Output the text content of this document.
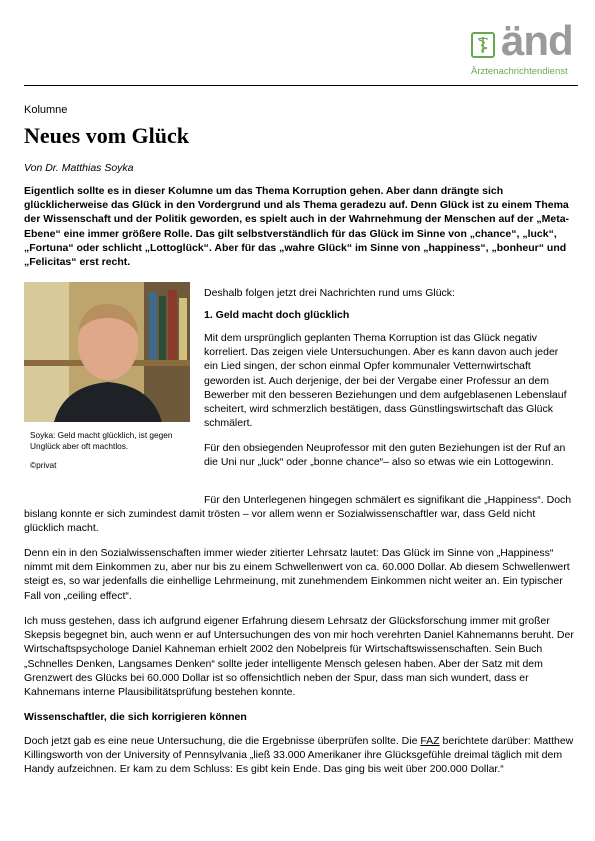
änd
Ärztenachrichtendienst
Kolumne
Neues vom Glück
Von Dr. Matthias Soyka

Eigentlich sollte es in dieser Kolumne um das Thema Korruption gehen. Aber dann drängte sich glücklicherweise das Glück in den Vordergrund und als Thema geradezu auf. Denn Glück ist zu einem Thema der Wissenschaft und der Politik geworden, es spielt auch in der Wahrnehmung der Menschen auf der „Meta-Ebene“ eine immer größere Rolle. Das gilt selbstverständlich für das Glück im Sinne von „chance“, „luck“, „Fortuna“ oder schlicht „Lottoglück“. Aber für das „wahre Glück“ im Sinne von „happiness“, „bonheur“ und „Felicitas“ erst recht.

Soyka: Geld macht glücklich, ist gegen Unglück aber oft machtlos.
©privat

Deshalb folgen jetzt drei Nachrichten rund ums Glück:

1. Geld macht doch glücklich

Mit dem ursprünglich geplanten Thema Korruption ist das Glück negativ korreliert. Das zeigen viele Untersuchungen. Aber es kann davon auch jeder ein Lied singen, der schon einmal Opfer kommunaler Vetternwirtschaft geworden ist. Auch derjenige, der bei der Vergabe einer Professur an dem Bewerber mit den besseren Beziehungen und dem aufgeblasenen Lebenslauf scheitert, wird schmerzlich bestätigen, dass Günstlingswirtschaft das Glück schmälert.

Für den obsiegenden Neuprofessor mit den guten Beziehungen ist der Ruf an die Uni nur „luck“ oder „bonne chance“– also so etwas wie ein Lottogewinn.

Für den Unterlegenen hingegen schmälert es signifikant die „Happiness“. Doch bislang konnte er sich zumindest damit trösten – vor allem wenn er Sozialwissenschaftler war, dass Geld nicht glücklich macht.

Denn ein in den Sozialwissenschaften immer wieder zitierter Lehrsatz lautet: Das Glück im Sinne von „Happiness“ nimmt mit dem Einkommen zu, aber nur bis zu einem Schwellenwert von ca. 60.000 Dollar. Ab diesem Schwellenwert steigt es, so war jedenfalls die einhellige Lehrmeinung, mit zunehmendem Einkommen nicht weiter an. Ein typischer Fall von „ceiling effect“.

Ich muss gestehen, dass ich aufgrund eigener Erfahrung diesem Lehrsatz der Glücksforschung immer mit großer Skepsis begegnet bin, auch wenn er auf Untersuchungen des von mir hoch verehrten Daniel Kahnemanns beruht. Der Wirtschaftspsychologe Daniel Kahneman erhielt 2002 den Nobelpreis für Wirtschaftswissenschaften. Sein Buch „Schnelles Denken, Langsames Denken“ sollte jeder intelligente Mensch gelesen haben. Aber der Satz mit dem Grenzwert des Glücks bei 60.000 Dollar ist so offensichtlich neben der Spur, dass man sich wundert, dass er Kahnemans interne Plausibilitätsprüfung bestehen konnte.

Wissenschaftler, die sich korrigieren können

Doch jetzt gab es eine neue Untersuchung, die die Ergebnisse überprüfen sollte. Die FAZ berichtete darüber: Matthew Killingsworth von der University of Pennsylvania „ließ 33.000 Amerikaner ihre Glücksgefühle dreimal täglich mit dem Handy aufzeichnen. Er kam zu dem Schluss: Es gibt kein Ende. Das ging bis weit über 200.000 Dollar.“
